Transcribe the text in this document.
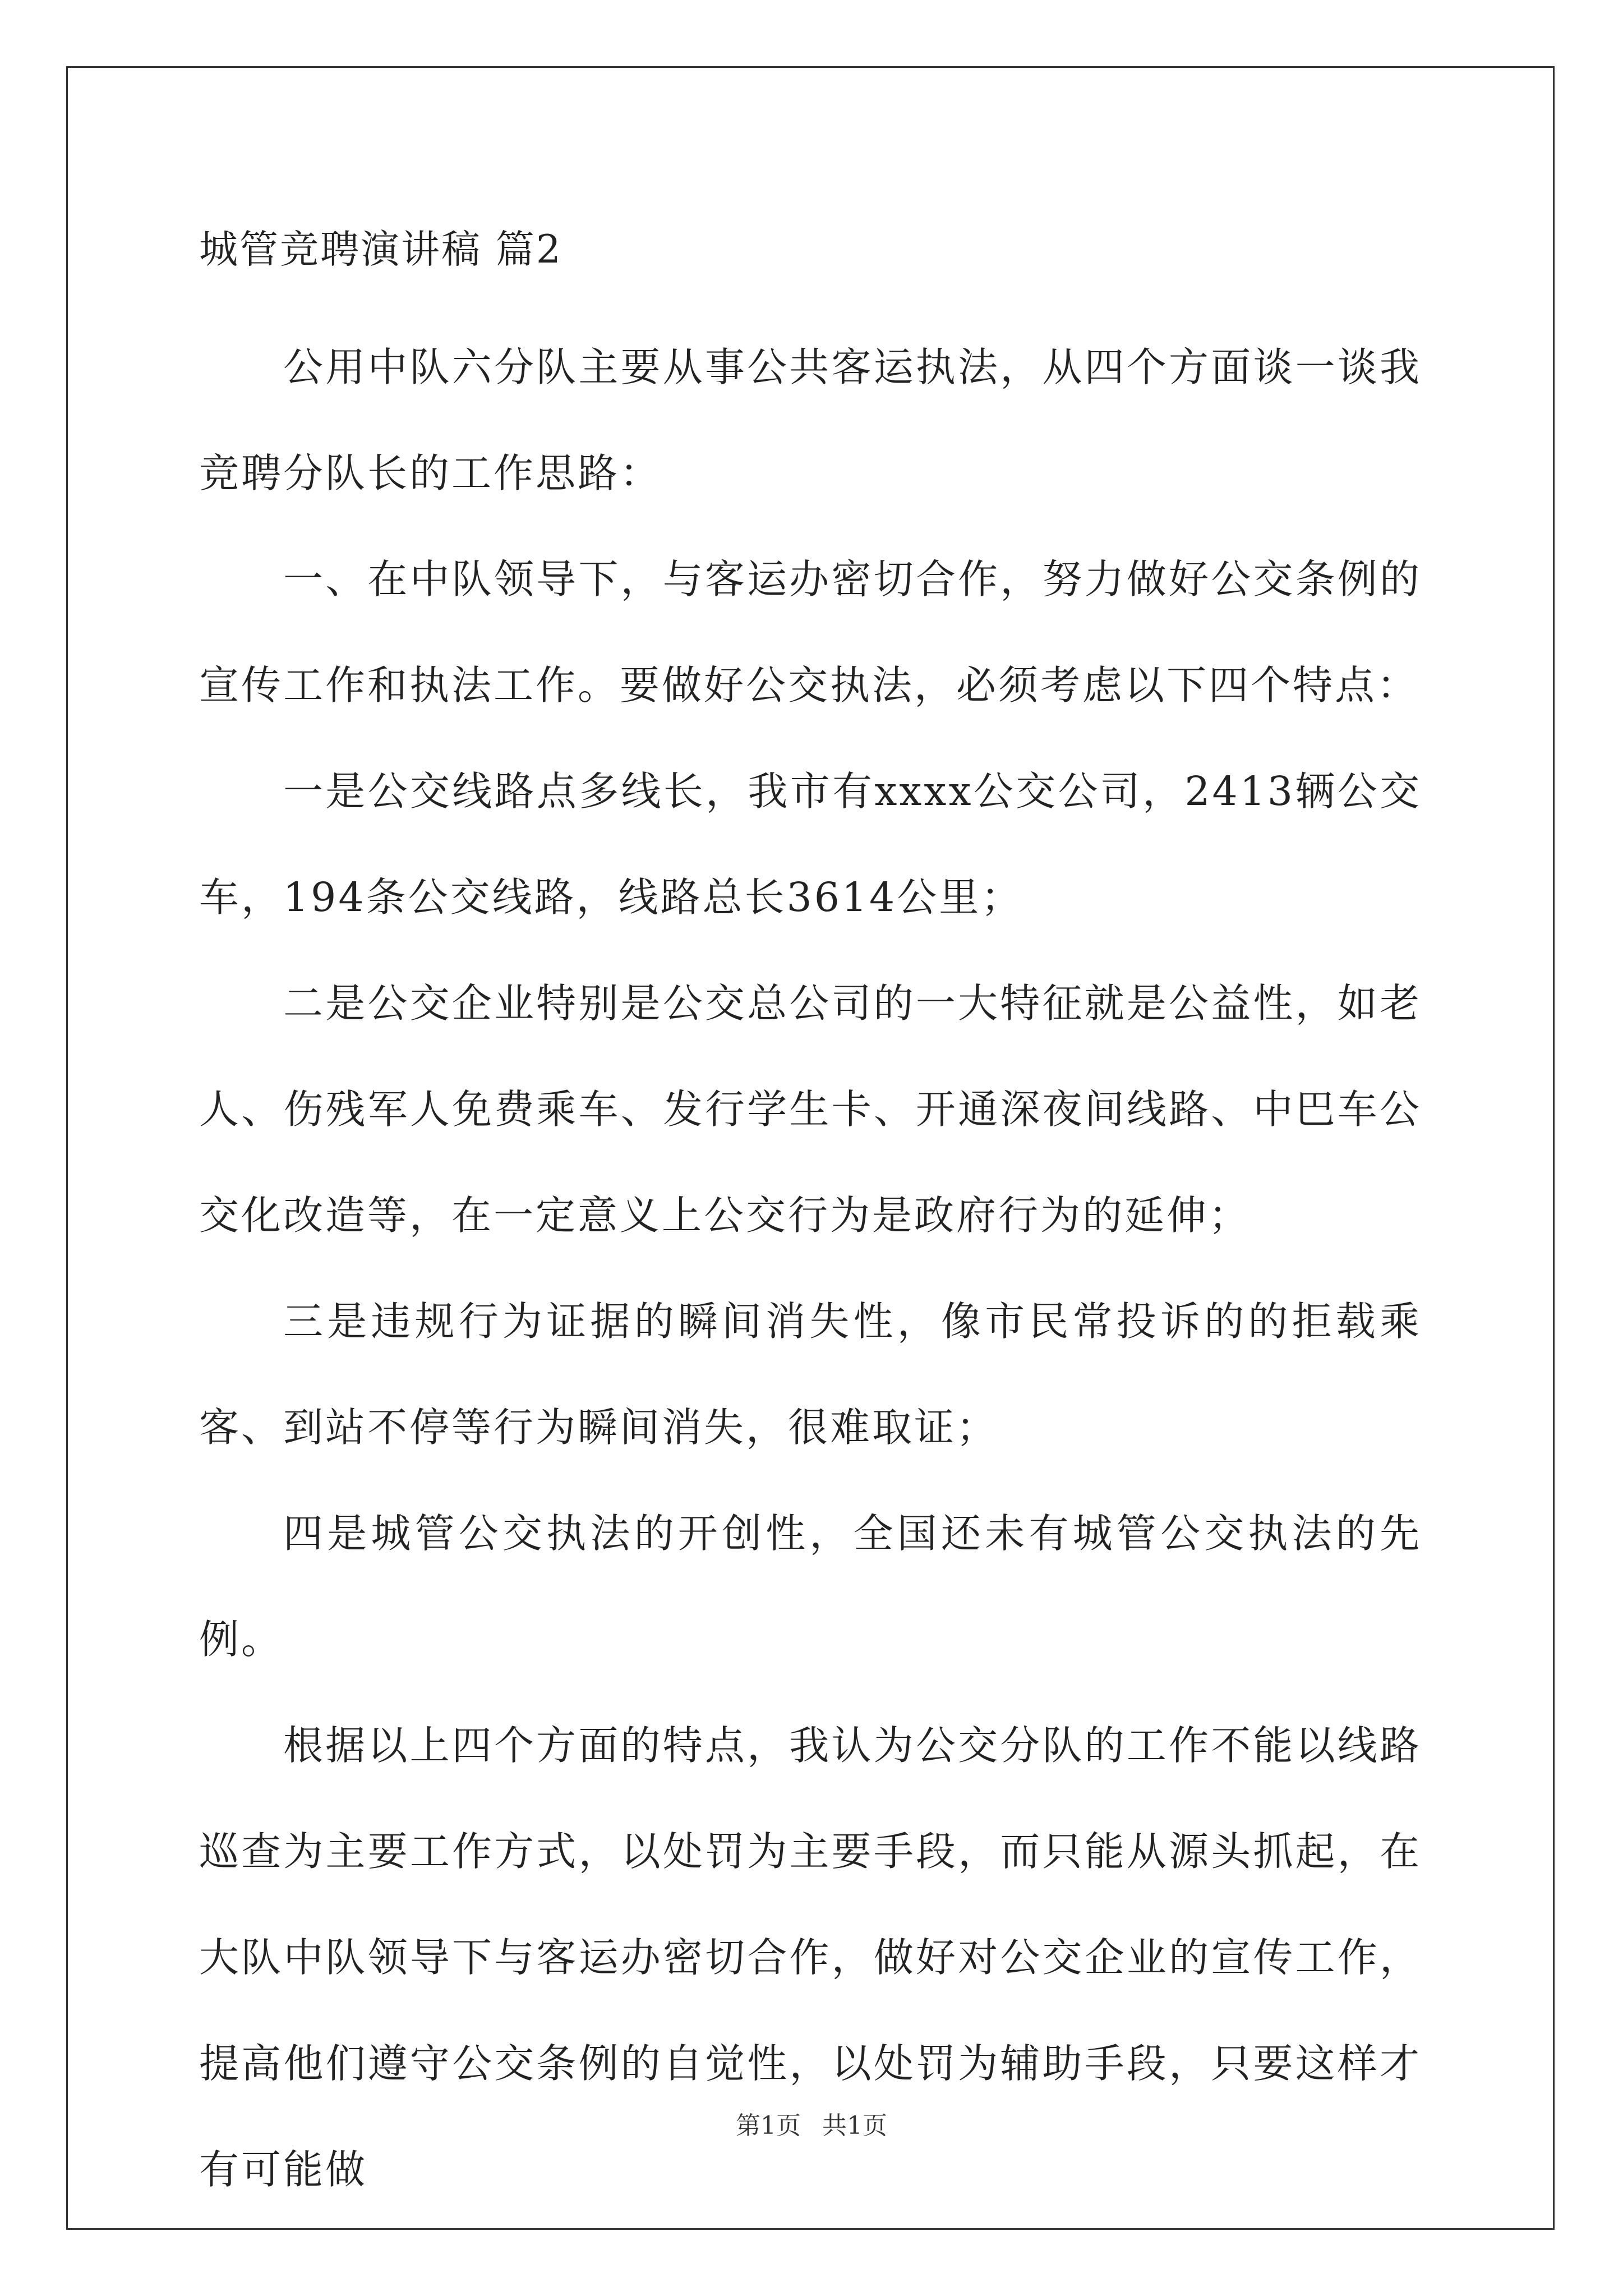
城管竞聘演讲稿 篇2

公用中队六分队主要从事公共客运执法，从四个方面谈一谈我竞聘分队长的工作思路：

一、在中队领导下，与客运办密切合作，努力做好公交条例的宣传工作和执法工作。要做好公交执法，必须考虑以下四个特点：

一是公交线路点多线长，我市有xxxx公交公司，2413辆公交车，194条公交线路，线路总长3614公里；

二是公交企业特别是公交总公司的一大特征就是公益性，如老人、伤残军人免费乘车、发行学生卡、开通深夜间线路、中巴车公交化改造等，在一定意义上公交行为是政府行为的延伸；

三是违规行为证据的瞬间消失性，像市民常投诉的的拒载乘客、到站不停等行为瞬间消失，很难取证；

四是城管公交执法的开创性，全国还未有城管公交执法的先例。

根据以上四个方面的特点，我认为公交分队的工作不能以线路巡查为主要工作方式，以处罚为主要手段，而只能从源头抓起，在大队中队领导下与客运办密切合作，做好对公交企业的宣传工作，提高他们遵守公交条例的自觉性，以处罚为辅助手段，只要这样才有可能做

第1页 共1页
